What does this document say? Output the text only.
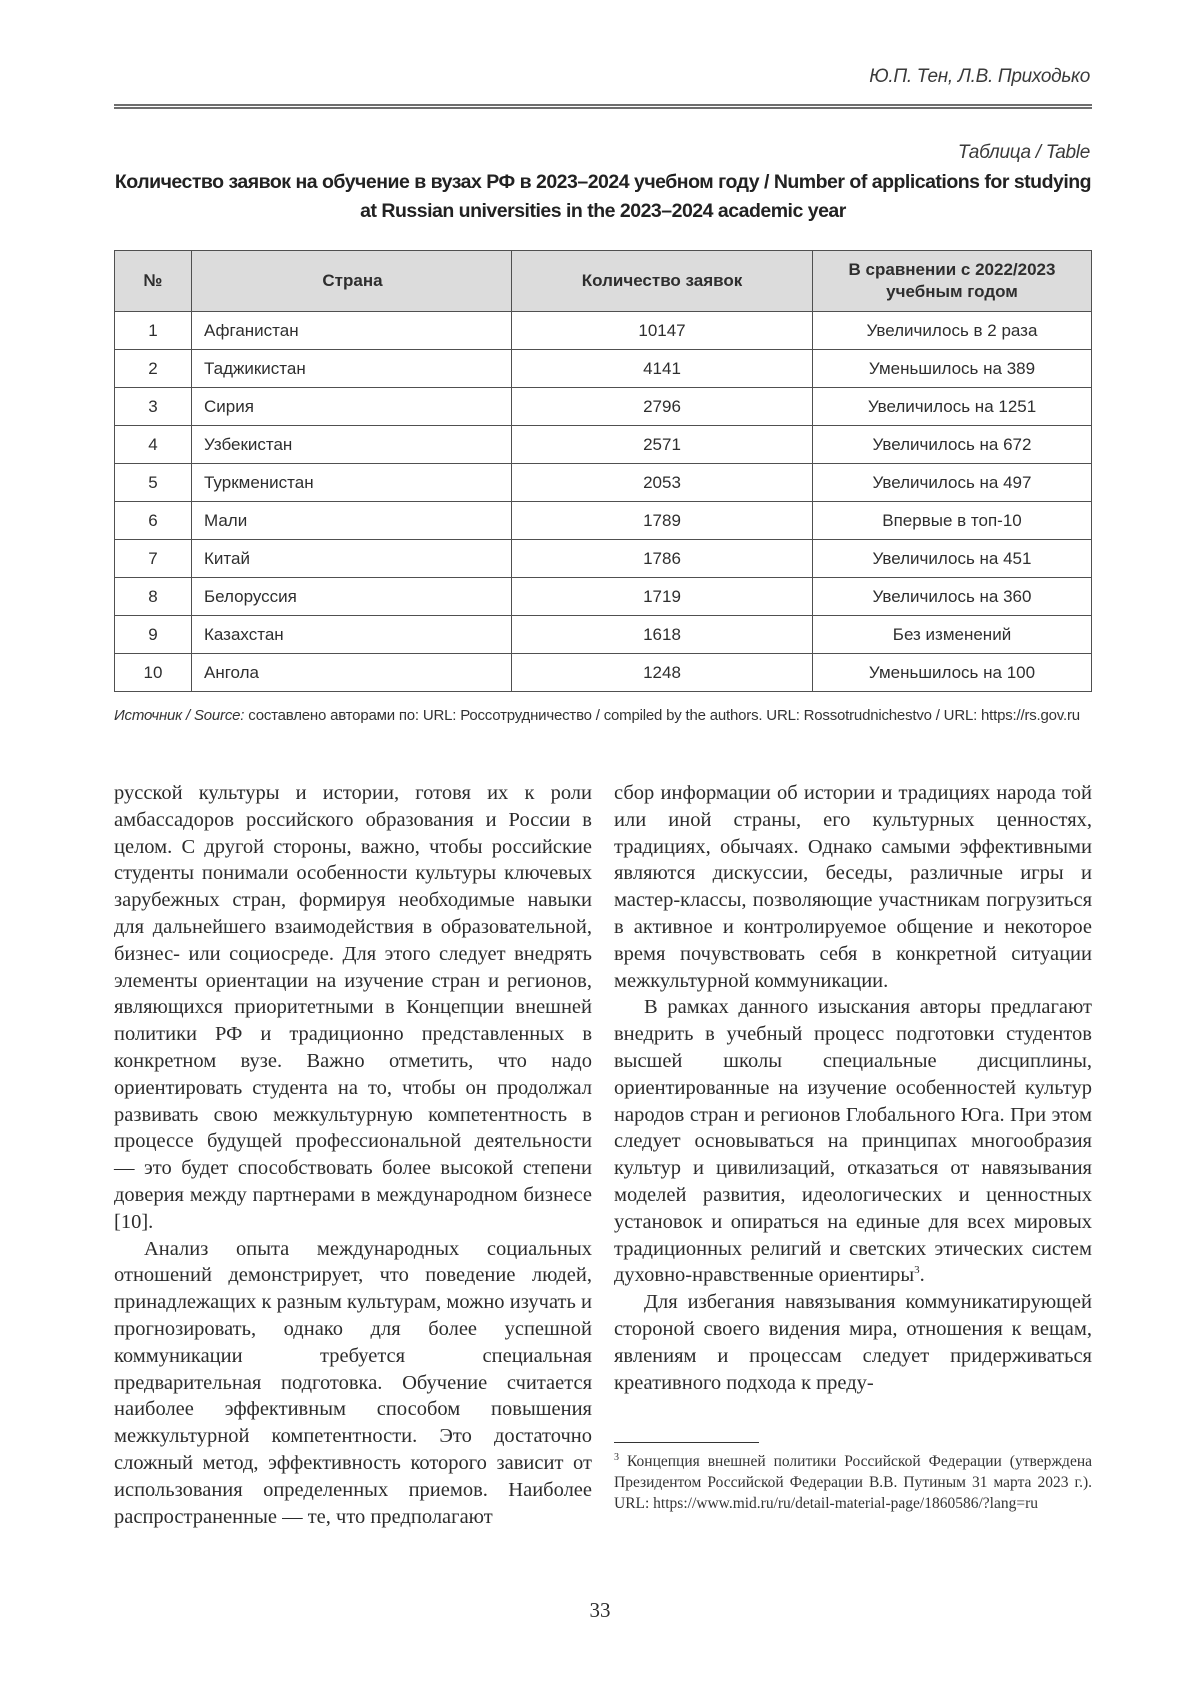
Ю.П. Тен, Л.В. Приходько
Таблица / Table
Количество заявок на обучение в вузах РФ в 2023–2024 учебном году / Number of applications for studying at Russian universities in the 2023–2024 academic year
№	Страна	Количество заявок	В сравнении с 2022/2023 учебным годом
1	Афганистан	10147	Увеличилось в 2 раза
2	Таджикистан	4141	Уменьшилось на 389
3	Сирия	2796	Увеличилось на 1251
4	Узбекистан	2571	Увеличилось на 672
5	Туркменистан	2053	Увеличилось на 497
6	Мали	1789	Впервые в топ-10
7	Китай	1786	Увеличилось на 451
8	Белоруссия	1719	Увеличилось на 360
9	Казахстан	1618	Без изменений
10	Ангола	1248	Уменьшилось на 100
Источник / Source: составлено авторами по: URL: Россотрудничество / compiled by the authors. URL: Rossotrudnichestvo / URL: https://rs.gov.ru

русской культуры и истории, готовя их к роли амбассадоров российского образования и России в целом. С другой стороны, важно, чтобы российские студенты понимали особенности культуры ключевых зарубежных стран, формируя необходимые навыки для дальнейшего взаимодействия в образовательной, бизнес- или социосреде. Для этого следует внедрять элементы ориентации на изучение стран и регионов, являющихся приоритетными в Концепции внешней политики РФ и традиционно представленных в конкретном вузе. Важно отметить, что надо ориентировать студента на то, чтобы он продолжал развивать свою межкультурную компетентность в процессе будущей профессиональной деятельности — это будет способствовать более высокой степени доверия между партнерами в международном бизнесе [10].

Анализ опыта международных социальных отношений демонстрирует, что поведение людей, принадлежащих к разным культурам, можно изучать и прогнозировать, однако для более успешной коммуникации требуется специальная предварительная подготовка. Обучение считается наиболее эффективным способом повышения межкультурной компетентности. Это достаточно сложный метод, эффективность которого зависит от использования определенных приемов. Наиболее распространенные — те, что предполагают

сбор информации об истории и традициях народа той или иной страны, его культурных ценностях, традициях, обычаях. Однако самыми эффективными являются дискуссии, беседы, различные игры и мастер-классы, позволяющие участникам погрузиться в активное и контролируемое общение и некоторое время почувствовать себя в конкретной ситуации межкультурной коммуникации.

В рамках данного изыскания авторы предлагают внедрить в учебный процесс подготовки студентов высшей школы специальные дисциплины, ориентированные на изучение особенностей культур народов стран и регионов Глобального Юга. При этом следует основываться на принципах многообразия культур и цивилизаций, отказаться от навязывания моделей развития, идеологических и ценностных установок и опираться на единые для всех мировых традиционных религий и светских этических систем духовно-нравственные ориентиры$^3$.

Для избегания навязывания коммуникатирующей стороной своего видения мира, отношения к вещам, явлениям и процессам следует придерживаться креативного подхода к преду-

$^3$ Концепция внешней политики Российской Федерации (утверждена Президентом Российской Федерации В.В. Путиным 31 марта 2023 г.). URL: https://www.mid.ru/ru/detail-material-page/1860586/?lang=ru
33
